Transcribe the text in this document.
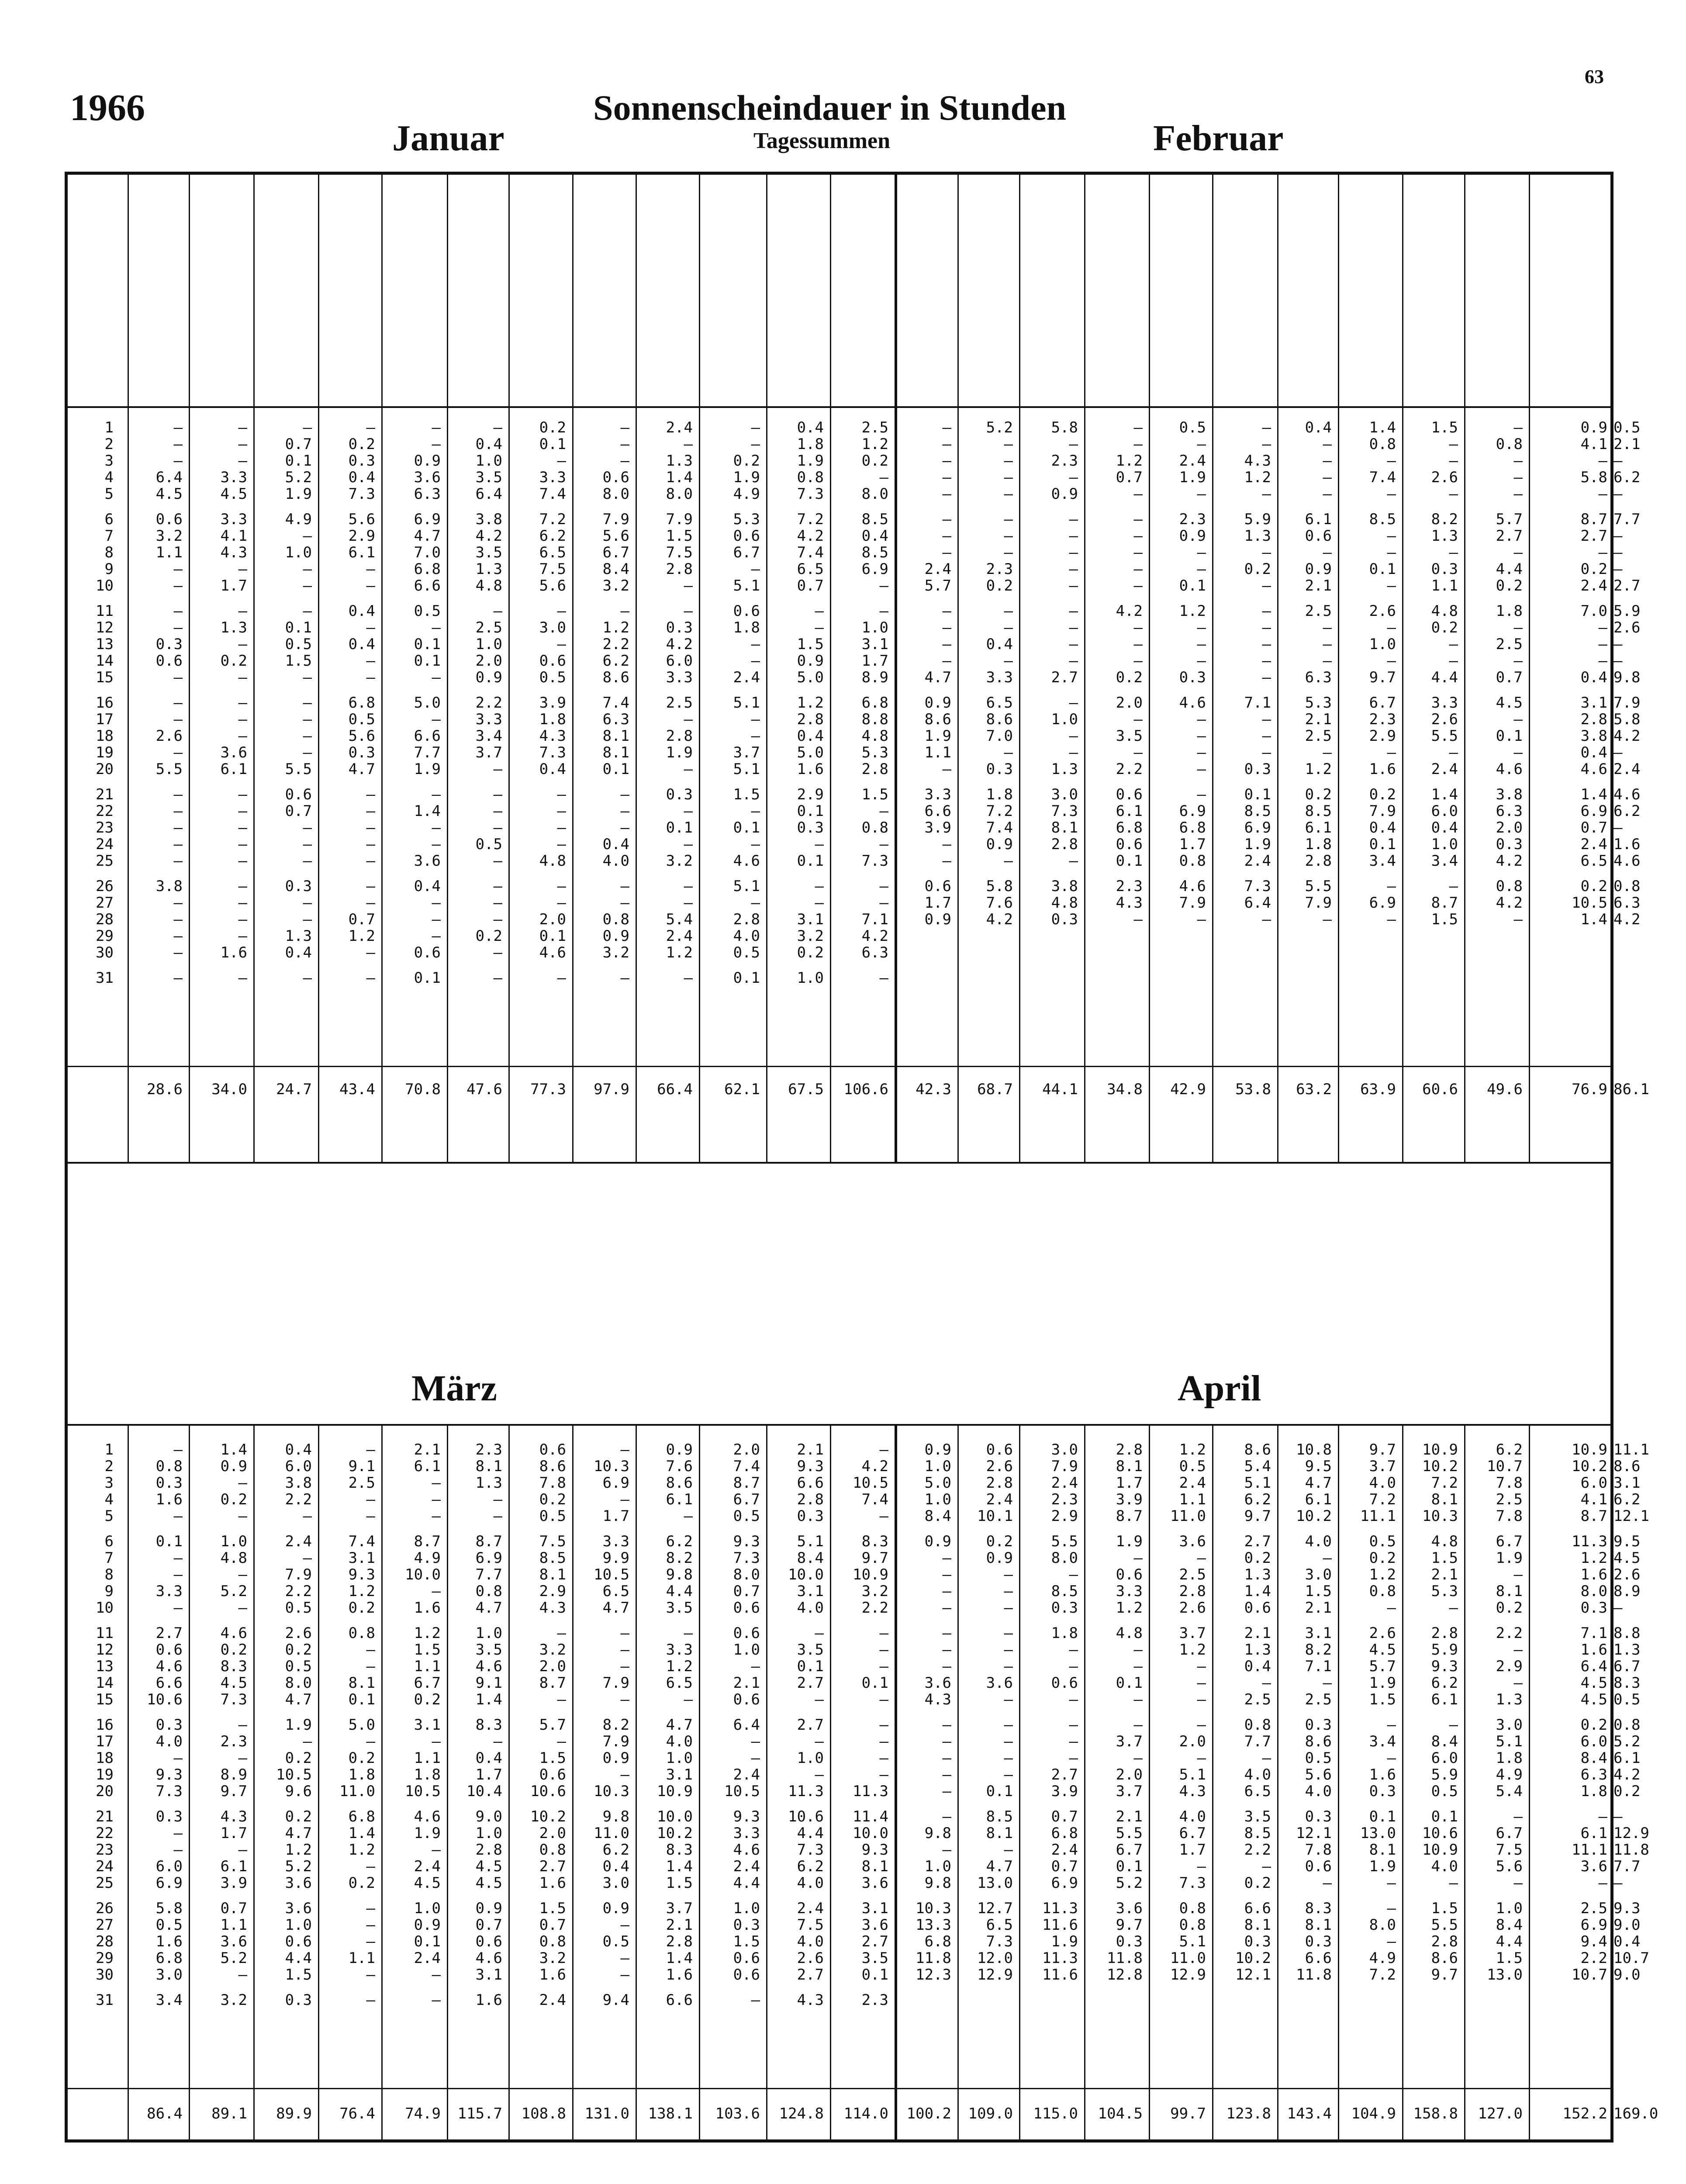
1966
63
Sonnenscheindauer in Stunden
Tagessummen
Januar	Februar
März	April
1	–	–	–	–	–	–	0.2	–	2.4	–	0.4	2.5	–	5.2	5.8	–	0.5	–	0.4	1.4	1.5	–	0.9 0.5
2	–	–	0.7	0.2	–	0.4	0.1	–	–	–	1.8	1.2	–	–	–	–	–	–	–	0.8	–	0.8	4.1 2.1
3	–	–	0.1	0.3	0.9	1.0	–	–	1.3	0.2	1.9	0.2	–	–	2.3	1.2	2.4	4.3	–	–	–	–	– –
4	6.4	3.3	5.2	0.4	3.6	3.5	3.3	0.6	1.4	1.9	0.8	–	–	–	–	0.7	1.9	1.2	–	7.4	2.6	–	5.8 6.2
5	4.5	4.5	1.9	7.3	6.3	6.4	7.4	8.0	8.0	4.9	7.3	8.0	–	–	0.9	–	–	–	–	–	–	–	– –
6	0.6	3.3	4.9	5.6	6.9	3.8	7.2	7.9	7.9	5.3	7.2	8.5	–	–	–	–	2.3	5.9	6.1	8.5	8.2	5.7	8.7 7.7
7	3.2	4.1	–	2.9	4.7	4.2	6.2	5.6	1.5	0.6	4.2	0.4	–	–	–	–	0.9	1.3	0.6	–	1.3	2.7	2.7 –
8	1.1	4.3	1.0	6.1	7.0	3.5	6.5	6.7	7.5	6.7	7.4	8.5	–	–	–	–	–	–	–	–	–	–	– –
9	–	–	–	–	6.8	1.3	7.5	8.4	2.8	–	6.5	6.9	2.4	2.3	–	–	–	0.2	0.9	0.1	0.3	4.4	0.2 –
10	–	1.7	–	–	6.6	4.8	5.6	3.2	–	5.1	0.7	–	5.7	0.2	–	–	0.1	–	2.1	–	1.1	0.2	2.4 2.7
11	–	–	–	0.4	0.5	–	–	–	–	0.6	–	–	–	–	–	4.2	1.2	–	2.5	2.6	4.8	1.8	7.0 5.9
12	–	1.3	0.1	–	–	2.5	3.0	1.2	0.3	1.8	–	1.0	–	–	–	–	–	–	–	–	0.2	–	– 2.6
13	0.3	–	0.5	0.4	0.1	1.0	–	2.2	4.2	–	1.5	3.1	–	0.4	–	–	–	–	–	1.0	–	2.5	– –
14	0.6	0.2	1.5	–	0.1	2.0	0.6	6.2	6.0	–	0.9	1.7	–	–	–	–	–	–	–	–	–	–	– –
15	–	–	–	–	–	0.9	0.5	8.6	3.3	2.4	5.0	8.9	4.7	3.3	2.7	0.2	0.3	–	6.3	9.7	4.4	0.7	0.4 9.8
16	–	–	–	6.8	5.0	2.2	3.9	7.4	2.5	5.1	1.2	6.8	0.9	6.5	–	2.0	4.6	7.1	5.3	6.7	3.3	4.5	3.1 7.9
17	–	–	–	0.5	–	3.3	1.8	6.3	–	–	2.8	8.8	8.6	8.6	1.0	–	–	–	2.1	2.3	2.6	–	2.8 5.8
18	2.6	–	–	5.6	6.6	3.4	4.3	8.1	2.8	–	0.4	4.8	1.9	7.0	–	3.5	–	–	2.5	2.9	5.5	0.1	3.8 4.2
19	–	3.6	–	0.3	7.7	3.7	7.3	8.1	1.9	3.7	5.0	5.3	1.1	–	–	–	–	–	–	–	–	–	0.4 –
20	5.5	6.1	5.5	4.7	1.9	–	0.4	0.1	–	5.1	1.6	2.8	–	0.3	1.3	2.2	–	0.3	1.2	1.6	2.4	4.6	4.6 2.4
21	–	–	0.6	–	–	–	–	–	0.3	1.5	2.9	1.5	3.3	1.8	3.0	0.6	–	0.1	0.2	0.2	1.4	3.8	1.4 4.6
22	–	–	0.7	–	1.4	–	–	–	–	–	0.1	–	6.6	7.2	7.3	6.1	6.9	8.5	8.5	7.9	6.0	6.3	6.9 6.2
23	–	–	–	–	–	–	–	–	0.1	0.1	0.3	0.8	3.9	7.4	8.1	6.8	6.8	6.9	6.1	0.4	0.4	2.0	0.7 –
24	–	–	–	–	–	0.5	–	0.4	–	–	–	–	–	0.9	2.8	0.6	1.7	1.9	1.8	0.1	1.0	0.3	2.4 1.6
25	–	–	–	–	3.6	–	4.8	4.0	3.2	4.6	0.1	7.3	–	–	–	0.1	0.8	2.4	2.8	3.4	3.4	4.2	6.5 4.6
26	3.8	–	0.3	–	0.4	–	–	–	–	5.1	–	–	0.6	5.8	3.8	2.3	4.6	7.3	5.5	–	–	0.8	0.2 0.8
27	–	–	–	–	–	–	–	–	–	–	–	–	1.7	7.6	4.8	4.3	7.9	6.4	7.9	6.9	8.7	4.2	10.5 6.3
28	–	–	–	0.7	–	–	2.0	0.8	5.4	2.8	3.1	7.1	0.9	4.2	0.3	–	–	–	–	–	1.5	–	1.4 4.2
29	–	–	1.3	1.2	–	0.2	0.1	0.9	2.4	4.0	3.2	4.2
30	–	1.6	0.4	–	0.6	–	4.6	3.2	1.2	0.5	0.2	6.3
31	–	–	–	–	0.1	–	–	–	–	0.1	1.0	–
28.6	34.0	24.7	43.4	70.8	47.6	77.3	97.9	66.4	62.1	67.5	106.6	42.3	68.7	44.1	34.8	42.9	53.8	63.2	63.9	60.6	49.6	76.9 86.1
1	–	1.4	0.4	–	2.1	2.3	0.6	–	0.9	2.0	2.1	–	0.9	0.6	3.0	2.8	1.2	8.6	10.8	9.7	10.9	6.2	10.9 11.1
2	0.8	0.9	6.0	9.1	6.1	8.1	8.6	10.3	7.6	7.4	9.3	4.2	1.0	2.6	7.9	8.1	0.5	5.4	9.5	3.7	10.2	10.7	10.2 8.6
3	0.3	–	3.8	2.5	–	1.3	7.8	6.9	8.6	8.7	6.6	10.5	5.0	2.8	2.4	1.7	2.4	5.1	4.7	4.0	7.2	7.8	6.0 3.1
4	1.6	0.2	2.2	–	–	–	0.2	–	6.1	6.7	2.8	7.4	1.0	2.4	2.3	3.9	1.1	6.2	6.1	7.2	8.1	2.5	4.1 6.2
5	–	–	–	–	–	–	0.5	1.7	–	0.5	0.3	–	8.4	10.1	2.9	8.7	11.0	9.7	10.2	11.1	10.3	7.8	8.7 12.1
6	0.1	1.0	2.4	7.4	8.7	8.7	7.5	3.3	6.2	9.3	5.1	8.3	0.9	0.2	5.5	1.9	3.6	2.7	4.0	0.5	4.8	6.7	11.3 9.5
7	–	4.8	–	3.1	4.9	6.9	8.5	9.9	8.2	7.3	8.4	9.7	–	0.9	8.0	–	–	0.2	–	0.2	1.5	1.9	1.2 4.5
8	–	–	7.9	9.3	10.0	7.7	8.1	10.5	9.8	8.0	10.0	10.9	–	–	–	0.6	2.5	1.3	3.0	1.2	2.1	–	1.6 2.6
9	3.3	5.2	2.2	1.2	–	0.8	2.9	6.5	4.4	0.7	3.1	3.2	–	–	8.5	3.3	2.8	1.4	1.5	0.8	5.3	8.1	8.0 8.9
10	–	–	0.5	0.2	1.6	4.7	4.3	4.7	3.5	0.6	4.0	2.2	–	–	0.3	1.2	2.6	0.6	2.1	–	–	0.2	0.3 –
11	2.7	4.6	2.6	0.8	1.2	1.0	–	–	–	0.6	–	–	–	–	1.8	4.8	3.7	2.1	3.1	2.6	2.8	2.2	7.1 8.8
12	0.6	0.2	0.2	–	1.5	3.5	3.2	–	3.3	1.0	3.5	–	–	–	–	–	1.2	1.3	8.2	4.5	5.9	–	1.6 1.3
13	4.6	8.3	0.5	–	1.1	4.6	2.0	–	1.2	–	0.1	–	–	–	–	–	–	0.4	7.1	5.7	9.3	2.9	6.4 6.7
14	6.6	4.5	8.0	8.1	6.7	9.1	8.7	7.9	6.5	2.1	2.7	0.1	3.6	3.6	0.6	0.1	–	–	–	1.9	6.2	–	4.5 8.3
15	10.6	7.3	4.7	0.1	0.2	1.4	–	–	–	0.6	–	–	4.3	–	–	–	–	2.5	2.5	1.5	6.1	1.3	4.5 0.5
16	0.3	–	1.9	5.0	3.1	8.3	5.7	8.2	4.7	6.4	2.7	–	–	–	–	–	–	0.8	0.3	–	–	3.0	0.2 0.8
17	4.0	2.3	–	–	–	–	–	7.9	4.0	–	–	–	–	–	–	3.7	2.0	7.7	8.6	3.4	8.4	5.1	6.0 5.2
18	–	–	0.2	0.2	1.1	0.4	1.5	0.9	1.0	–	1.0	–	–	–	–	–	–	–	0.5	–	6.0	1.8	8.4 6.1
19	9.3	8.9	10.5	1.8	1.8	1.7	0.6	–	3.1	2.4	–	–	–	–	2.7	2.0	5.1	4.0	5.6	1.6	5.9	4.9	6.3 4.2
20	7.3	9.7	9.6	11.0	10.5	10.4	10.6	10.3	10.9	10.5	11.3	11.3	–	0.1	3.9	3.7	4.3	6.5	4.0	0.3	0.5	5.4	1.8 0.2
21	0.3	4.3	0.2	6.8	4.6	9.0	10.2	9.8	10.0	9.3	10.6	11.4	–	8.5	0.7	2.1	4.0	3.5	0.3	0.1	0.1	–	– –
22	–	1.7	4.7	1.4	1.9	1.0	2.0	11.0	10.2	3.3	4.4	10.0	9.8	8.1	6.8	5.5	6.7	8.5	12.1	13.0	10.6	6.7	6.1 12.9
23	–	–	1.2	1.2	–	2.8	0.8	6.2	8.3	4.6	7.3	9.3	–	–	2.4	6.7	1.7	2.2	7.8	8.1	10.9	7.5	11.1 11.8
24	6.0	6.1	5.2	–	2.4	4.5	2.7	0.4	1.4	2.4	6.2	8.1	1.0	4.7	0.7	0.1	–	–	0.6	1.9	4.0	5.6	3.6 7.7
25	6.9	3.9	3.6	0.2	4.5	4.5	1.6	3.0	1.5	4.4	4.0	3.6	9.8	13.0	6.9	5.2	7.3	0.2	–	–	–	–	– –
26	5.8	0.7	3.6	–	1.0	0.9	1.5	0.9	3.7	1.0	2.4	3.1	10.3	12.7	11.3	3.6	0.8	6.6	8.3	–	1.5	1.0	2.5 9.3
27	0.5	1.1	1.0	–	0.9	0.7	0.7	–	2.1	0.3	7.5	3.6	13.3	6.5	11.6	9.7	0.8	8.1	8.1	8.0	5.5	8.4	6.9 9.0
28	1.6	3.6	0.6	–	0.1	0.6	0.8	0.5	2.8	1.5	4.0	2.7	6.8	7.3	1.9	0.3	5.1	0.3	0.3	–	2.8	4.4	9.4 0.4
29	6.8	5.2	4.4	1.1	2.4	4.6	3.2	–	1.4	0.6	2.6	3.5	11.8	12.0	11.3	11.8	11.0	10.2	6.6	4.9	8.6	1.5	2.2 10.7
30	3.0	–	1.5	–	–	3.1	1.6	–	1.6	0.6	2.7	0.1	12.3	12.9	11.6	12.8	12.9	12.1	11.8	7.2	9.7	13.0	10.7 9.0
31	3.4	3.2	0.3	–	–	1.6	2.4	9.4	6.6	–	4.3	2.3
86.4	89.1	89.9	76.4	74.9	115.7	108.8	131.0	138.1	103.6	124.8	114.0	100.2	109.0	115.0	104.5	99.7	123.8	143.4	104.9	158.8	127.0	152.2 169.0
